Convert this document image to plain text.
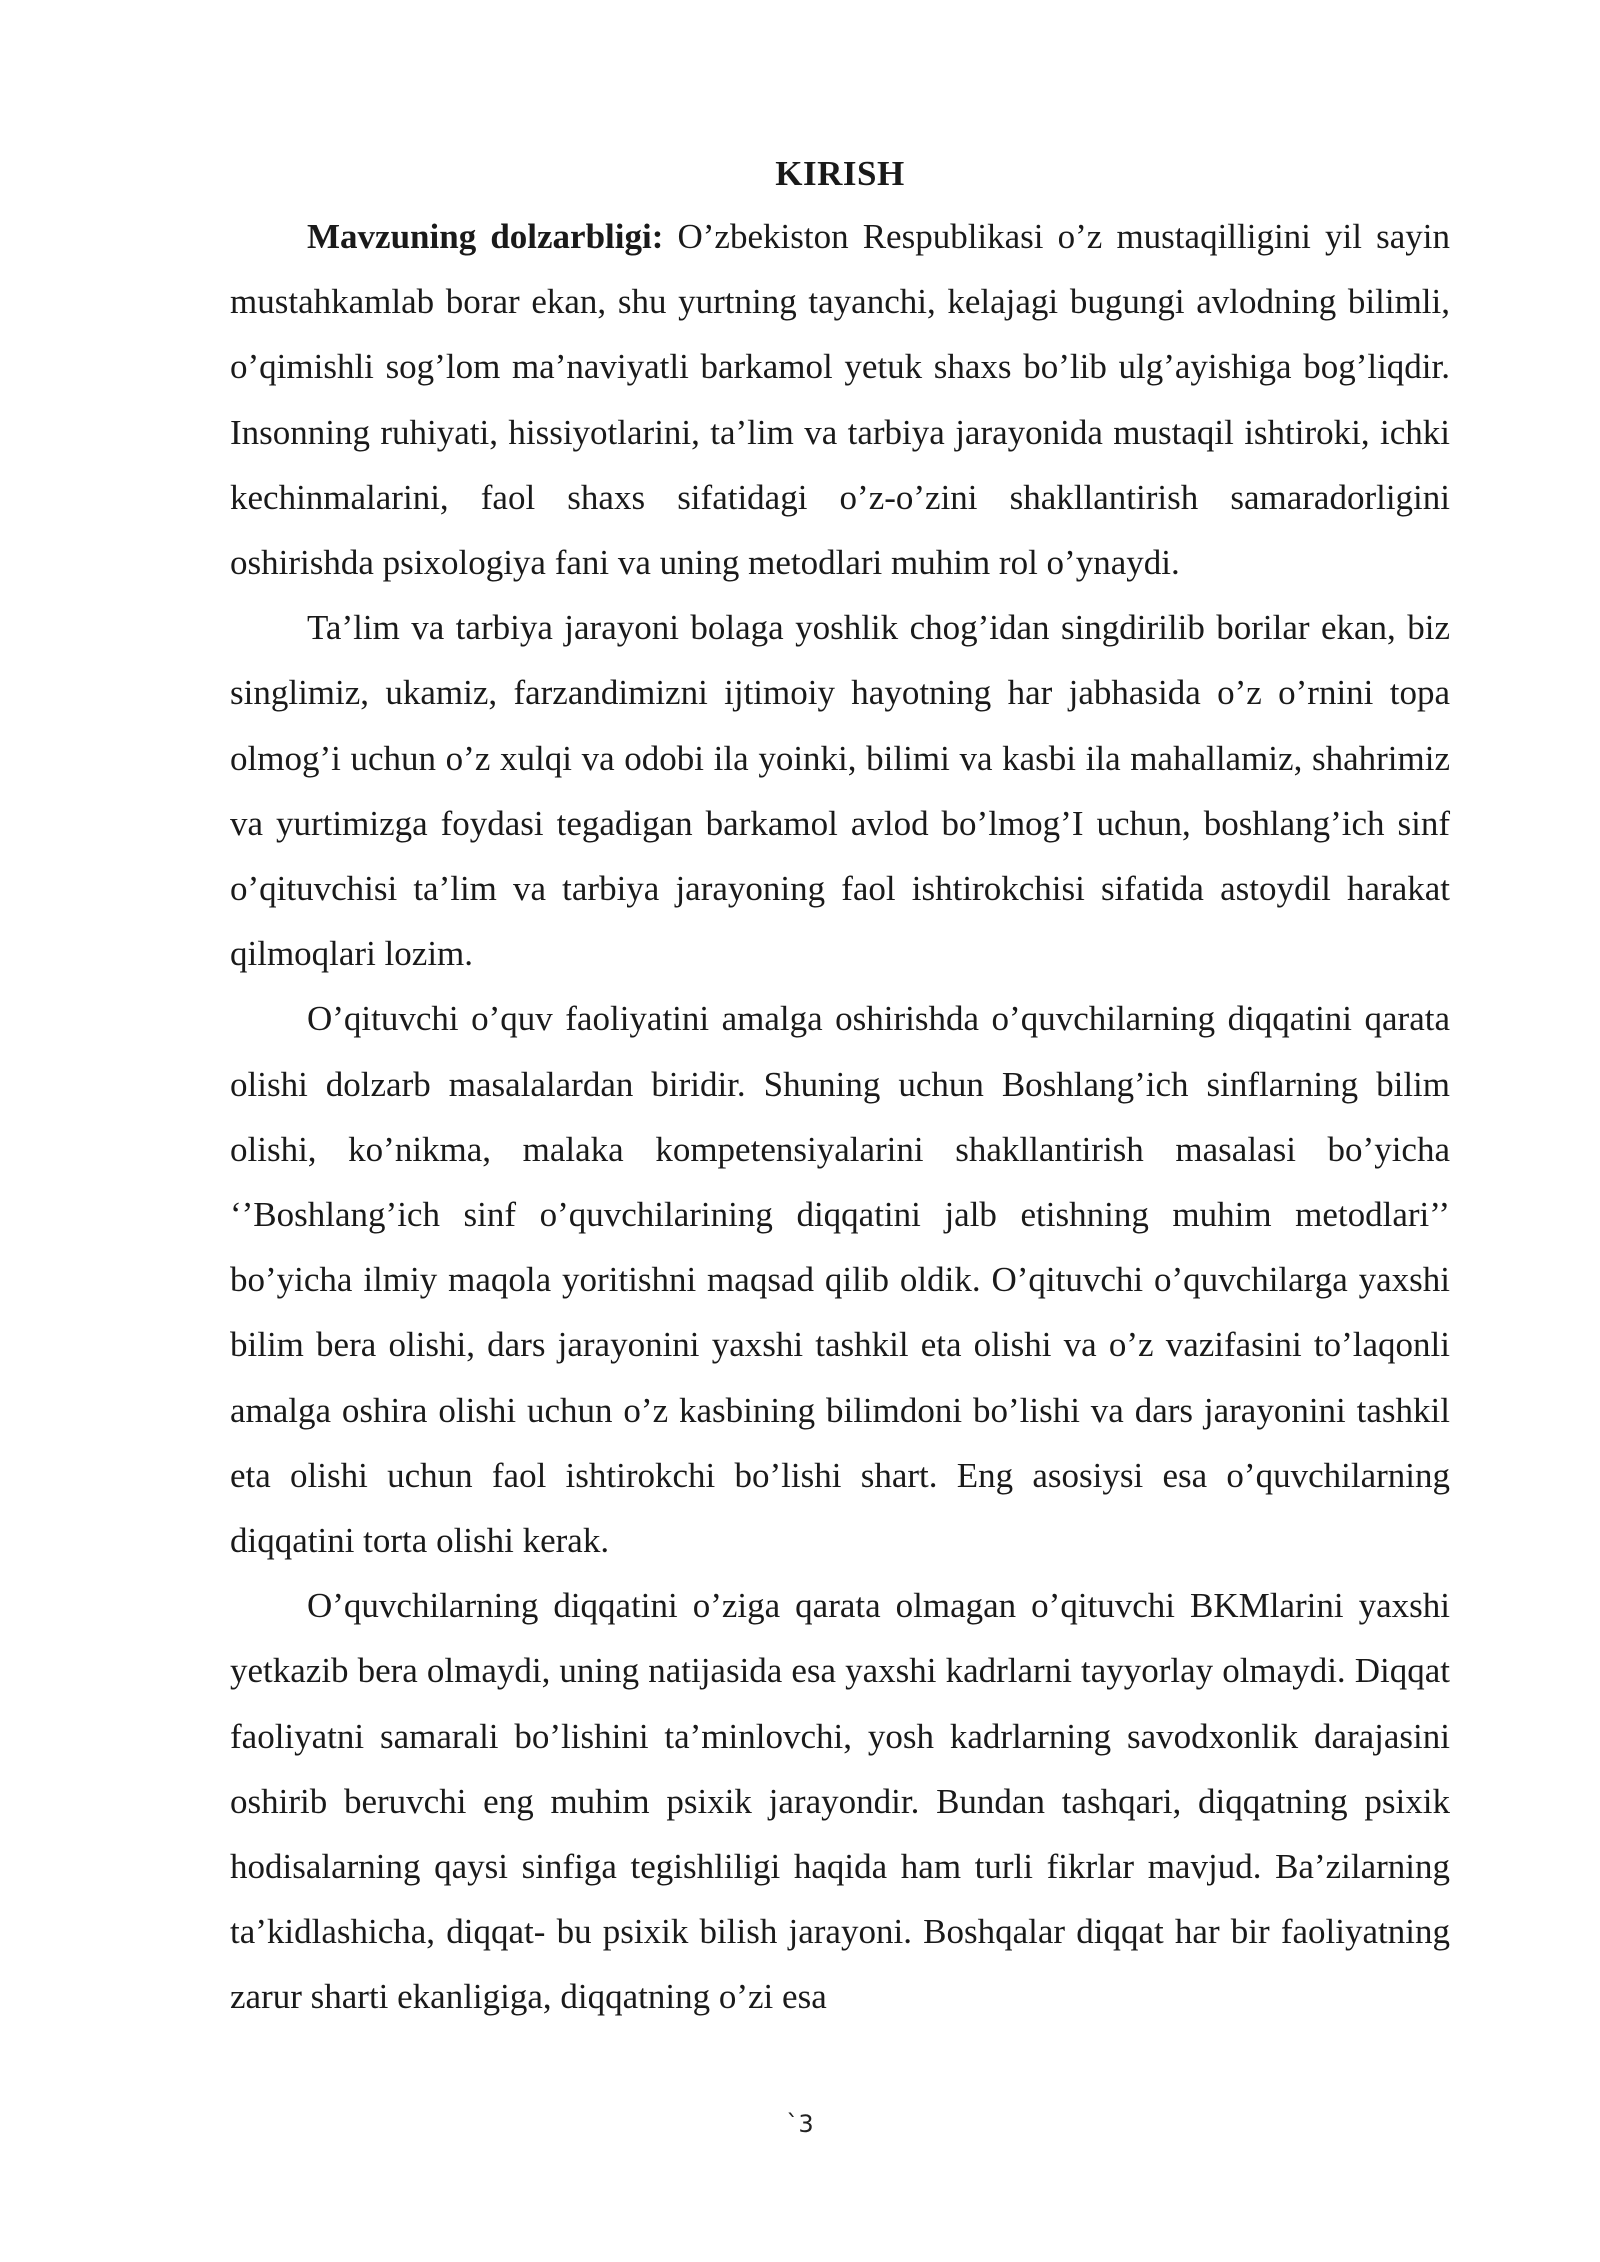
KIRISH

Mavzuning dolzarbligi: O’zbekiston Respublikasi o’z mustaqilligini yil sayin mustahkamlab borar ekan, shu yurtning tayanchi, kelajagi bugungi avlodning bilimli, o’qimishli sog’lom ma’naviyatli barkamol yetuk shaxs bo’lib ulg’ayishiga bog’liqdir. Insonning ruhiyati, hissiyotlarini, ta’lim va tarbiya jarayonida mustaqil ishtiroki, ichki kechinmalarini, faol shaxs sifatidagi o’z-o’zini shakllantirish samaradorligini oshirishda psixologiya fani va uning metodlari muhim rol o’ynaydi.

Ta’lim va tarbiya jarayoni bolaga yoshlik chog’idan singdirilib borilar ekan, biz singlimiz, ukamiz, farzandimizni ijtimoiy hayotning har jabhasida o’z o’rnini topa olmog’i uchun o’z xulqi va odobi ila yoinki, bilimi va kasbi ila mahallamiz, shahrimiz va yurtimizga foydasi tegadigan barkamol avlod bo’lmog’I uchun, boshlang’ich sinf o’qituvchisi ta’lim va tarbiya jarayoning faol ishtirokchisi sifatida astoydil harakat qilmoqlari lozim.

O’qituvchi o’quv faoliyatini amalga oshirishda o’quvchilarning diqqatini qarata olishi dolzarb masalalardan biridir. Shuning uchun Boshlang’ich sinflarning bilim olishi, ko’nikma, malaka kompetensiyalarini shakllantirish masalasi bo’yicha ‘’Boshlang’ich sinf o’quvchilarining diqqatini jalb etishning muhim metodlari’’ bo’yicha ilmiy maqola yoritishni maqsad qilib oldik. O’qituvchi o’quvchilarga yaxshi bilim bera olishi, dars jarayonini yaxshi tashkil eta olishi va o’z vazifasini to’laqonli amalga oshira olishi uchun o’z kasbining bilimdoni bo’lishi va dars jarayonini tashkil eta olishi uchun faol ishtirokchi bo’lishi shart. Eng asosiysi esa o’quvchilarning diqqatini torta olishi kerak.

O’quvchilarning diqqatini o’ziga qarata olmagan o’qituvchi BKMlarini yaxshi yetkazib bera olmaydi, uning natijasida esa yaxshi kadrlarni tayyorlay olmaydi. Diqqat faoliyatni samarali bo’lishini ta’minlovchi, yosh kadrlarning savodxonlik darajasini oshirib beruvchi eng muhim psixik jarayondir. Bundan tashqari, diqqatning psixik hodisalarning qaysi sinfiga tegishliligi haqida ham turli fikrlar mavjud. Ba’zilarning ta’kidlashicha, diqqat- bu psixik bilish jarayoni. Boshqalar diqqat har bir faoliyatning zarur sharti ekanligiga, diqqatning o’zi esa

`3
